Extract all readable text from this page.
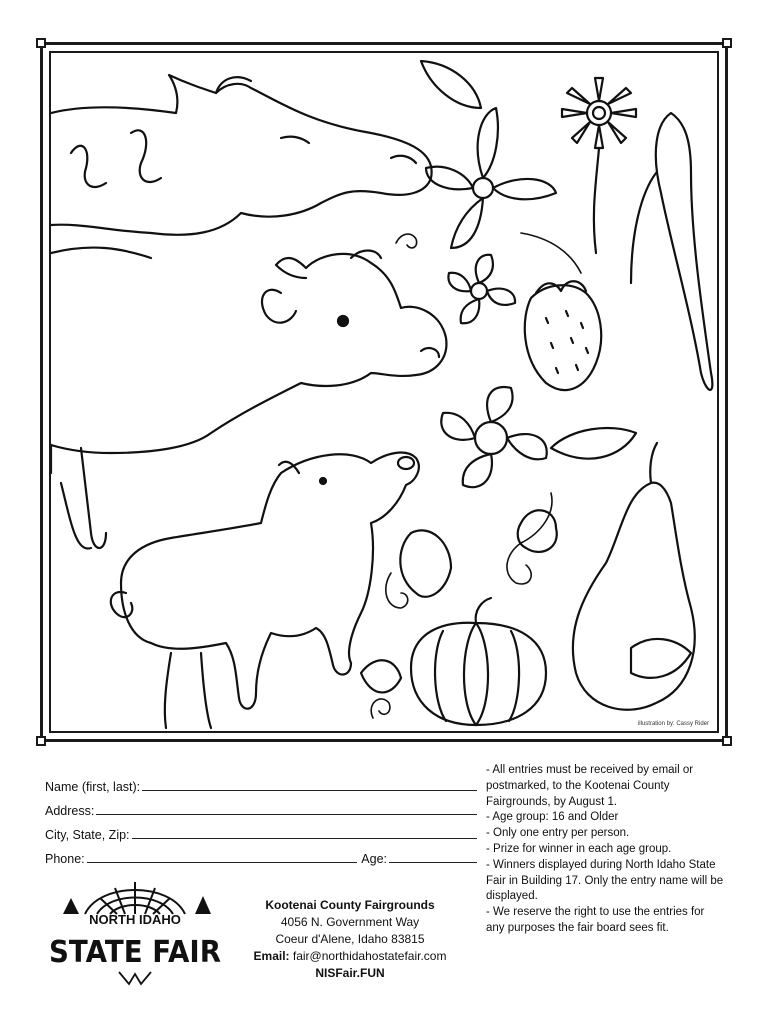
illustration by: Cassy Rider
Name (first, last):
Address:
City, State, Zip:
Phone:	Age:

- All entries must be received by email or postmarked, to the Kootenai County Fairgrounds, by August 1.

- Age group: 16 and Older

- Only one entry per person.

- Prize for winner in each age group.

- Winners displayed during North Idaho State Fair in Building 17. Only the entry name will be displayed.

- We reserve the right to use the entries for any purposes the fair board sees fit.

NORTH IDAHO
STATE FAIR
Kootenai County Fairgrounds
4056 N. Government Way
Coeur d'Alene, Idaho 83815
Email: fair@northidahostatefair.com
NISFair.FUN
